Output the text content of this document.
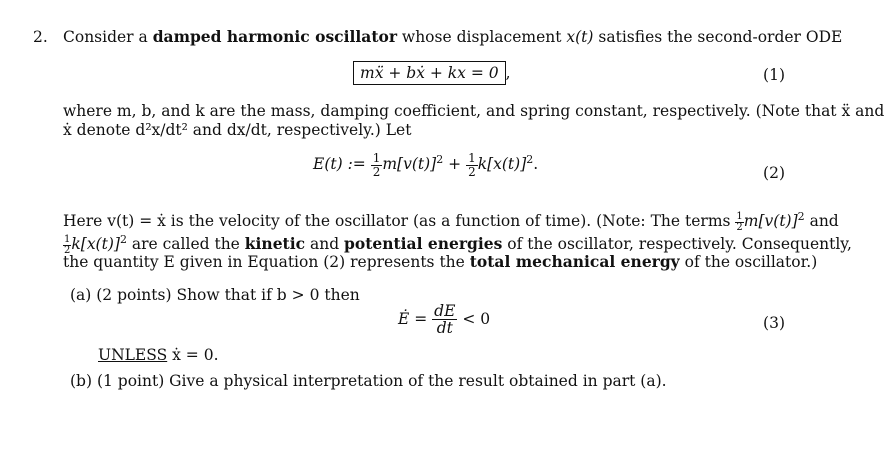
2. Consider a damped harmonic oscillator whose displacement x(t) satisfies the second-order ODE
mẍ + bẋ + kx = 0 ,	(1)
where m, b, and k are the mass, damping coefficient, and spring constant, respectively. (Note that ẍ and
ẋ denote d²x/dt² and dx/dt, respectively.) Let
E(t) := $\frac{1}{2} m[v(t)]^2 + \frac{1}{2} k[x(t)]^2$.	(2)
Here v(t) = ẋ is the velocity of the oscillator (as a function of time). (Note: The terms $\frac{1}{2} m[v(t)]^2$ and
$\frac{1}{2} k[x(t)]^2$ are called the kinetic and potential energies of the oscillator, respectively. Consequently,
the quantity E given in Equation (2) represents the total mechanical energy of the oscillator.)
(a) (2 points) Show that if b > 0 then
Ė = $\frac{dE}{dt} < 0$	(3)
UNLESS ẋ = 0.
(b) (1 point) Give a physical interpretation of the result obtained in part (a).
